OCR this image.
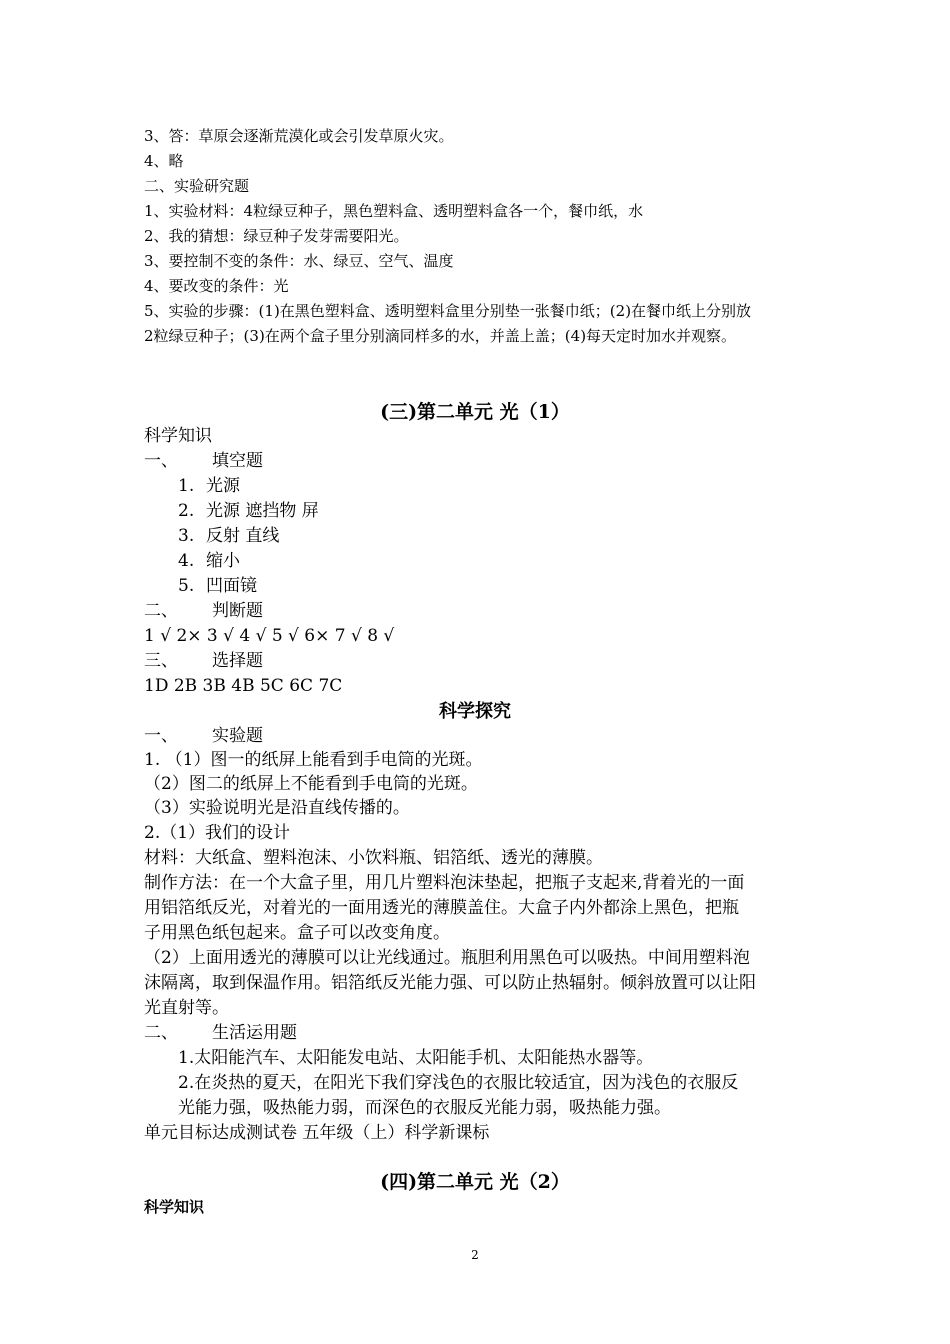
3、答：草原会逐渐荒漠化或会引发草原火灾。
4、略
二、实验研究题
1、实验材料：4粒绿豆种子，黑色塑料盒、透明塑料盒各一个，餐巾纸，水
2、我的猜想：绿豆种子发芽需要阳光。
3、要控制不变的条件：水、绿豆、空气、温度
4、要改变的条件：光
5、实验的步骤：(1)在黑色塑料盒、透明塑料盒里分别垫一张餐巾纸；(2)在餐巾纸上分别放
2粒绿豆种子；(3)在两个盒子里分别滴同样多的水，并盖上盖；(4)每天定时加水并观察。
(三)第二单元 光（1）
科学知识
一、 填空题
1. 光源
2. 光源 遮挡物 屏
3. 反射 直线
4. 缩小
5. 凹面镜
二、 判断题
1 √ 2× 3 √ 4 √ 5 √ 6× 7 √ 8 √
三、 选择题
1D 2B 3B 4B 5C 6C 7C
科学探究
一、 实验题
1. （1）图一的纸屏上能看到手电筒的光斑。
（2）图二的纸屏上不能看到手电筒的光斑。
（3）实验说明光是沿直线传播的。
2.（1）我们的设计
材料：大纸盒、塑料泡沫、小饮料瓶、铝箔纸、透光的薄膜。
制作方法：在一个大盒子里，用几片塑料泡沫垫起，把瓶子支起来,背着光的一面
用铝箔纸反光，对着光的一面用透光的薄膜盖住。大盒子内外都涂上黑色，把瓶
子用黑色纸包起来。盒子可以改变角度。
（2）上面用透光的薄膜可以让光线通过。瓶胆利用黑色可以吸热。中间用塑料泡
沫隔离，取到保温作用。铝箔纸反光能力强、可以防止热辐射。倾斜放置可以让阳
光直射等。
二、 生活运用题
1.太阳能汽车、太阳能发电站、太阳能手机、太阳能热水器等。
2.在炎热的夏天，在阳光下我们穿浅色的衣服比较适宜，因为浅色的衣服反
光能力强，吸热能力弱，而深色的衣服反光能力弱，吸热能力强。
单元目标达成测试卷 五年级（上）科学新课标
(四)第二单元 光（2）
科学知识
2
